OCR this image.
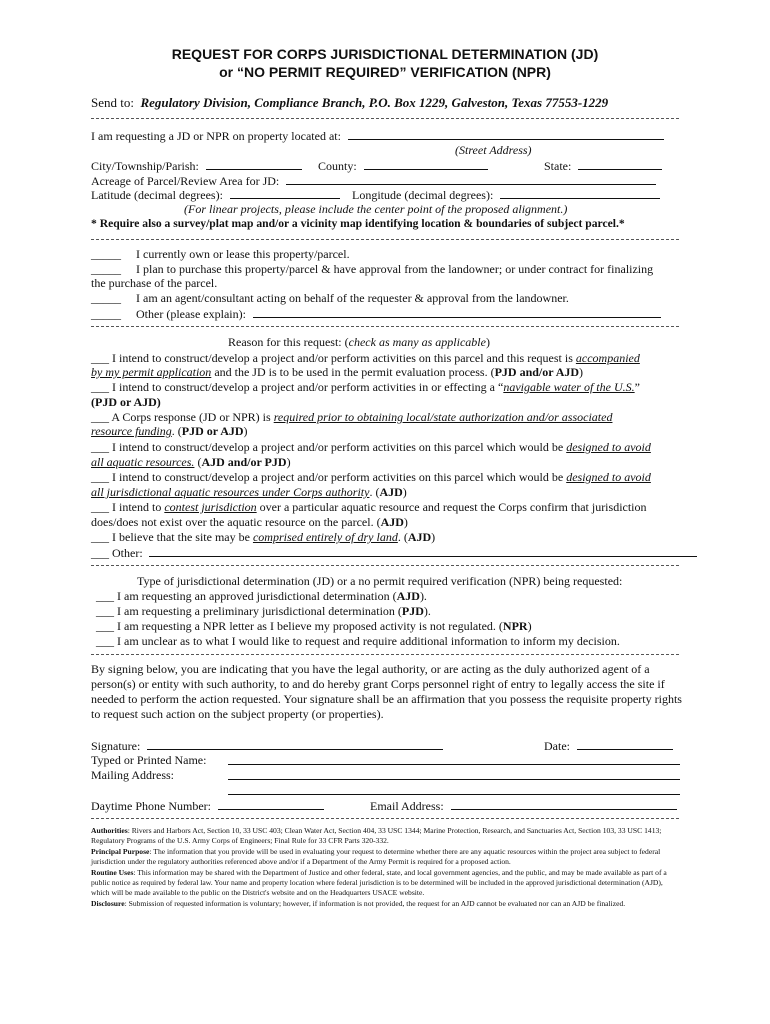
REQUEST FOR CORPS JURISDICTIONAL DETERMINATION (JD)
or “NO PERMIT REQUIRED” VERIFICATION (NPR)
Send to: Regulatory Division, Compliance Branch, P.O. Box 1229, Galveston, Texas 77553-1229
I am requesting a JD or NPR on property located at:
(Street Address)
City/Township/Parish:	County:	State:
Acreage of Parcel/Review Area for JD:
Latitude (decimal degrees):	Longitude (decimal degrees):
(For linear projects, please include the center point of the proposed alignment.)
* Require also a survey/plat map and/or a vicinity map identifying location & boundaries of subject parcel.*
_____ I currently own or lease this property/parcel.
_____ I plan to purchase this property/parcel & have approval from the landowner; or under contract for finalizing
the purchase of the parcel.
_____ I am an agent/consultant acting on behalf of the requester & approval from the landowner.
_____ Other (please explain):
Reason for this request: (check as many as applicable)
___ I intend to construct/develop a project and/or perform activities on this parcel and this request is accompanied
by my permit application and the JD is to be used in the permit evaluation process. (PJD and/or AJD)
___ I intend to construct/develop a project and/or perform activities in or effecting a “navigable water of the U.S.”
(PJD or AJD)
___ A Corps response (JD or NPR) is required prior to obtaining local/state authorization and/or associated
resource funding. (PJD or AJD)
___ I intend to construct/develop a project and/or perform activities on this parcel which would be designed to avoid
all aquatic resources. (AJD and/or PJD)
___ I intend to construct/develop a project and/or perform activities on this parcel which would be designed to avoid
all jurisdictional aquatic resources under Corps authority. (AJD)
___ I intend to contest jurisdiction over a particular aquatic resource and request the Corps confirm that jurisdiction
does/does not exist over the aquatic resource on the parcel. (AJD)
___ I believe that the site may be comprised entirely of dry land. (AJD)
___ Other:
Type of jurisdictional determination (JD) or a no permit required verification (NPR) being requested:
___ I am requesting an approved jurisdictional determination (AJD).
___ I am requesting a preliminary jurisdictional determination (PJD).
___ I am requesting a NPR letter as I believe my proposed activity is not regulated. (NPR)
___ I am unclear as to what I would like to request and require additional information to inform my decision.
By signing below, you are indicating that you have the legal authority, or are acting as the duly authorized agent of a person(s) or entity with such authority, to and do hereby grant Corps personnel right of entry to legally access the site if needed to perform the action requested. Your signature shall be an affirmation that you possess the requisite property rights to request such action on the subject property (or properties).
Signature:	Date:
Typed or Printed Name:
Mailing Address:
Daytime Phone Number:	Email Address:
Authorities: Rivers and Harbors Act, Section 10, 33 USC 403; Clean Water Act, Section 404, 33 USC 1344; Marine Protection, Research, and Sanctuaries Act, Section 103, 33 USC 1413; Regulatory Programs of the U.S. Army Corps of Engineers; Final Rule for 33 CFR Parts 320-332.
Principal Purpose: The information that you provide will be used in evaluating your request to determine whether there are any aquatic resources within the project area subject to federal jurisdiction under the regulatory authorities referenced above and/or if a Department of the Army Permit is required for a proposed action.
Routine Uses: This information may be shared with the Department of Justice and other federal, state, and local government agencies, and the public, and may be made available as part of a public notice as required by federal law. Your name and property location where federal jurisdiction is to be determined will be included in the approved jurisdictional determination (AJD), which will be made available to the public on the District's website and on the Headquarters USACE website.
Disclosure: Submission of requested information is voluntary; however, if information is not provided, the request for an AJD cannot be evaluated nor can an AJD be finalized.
